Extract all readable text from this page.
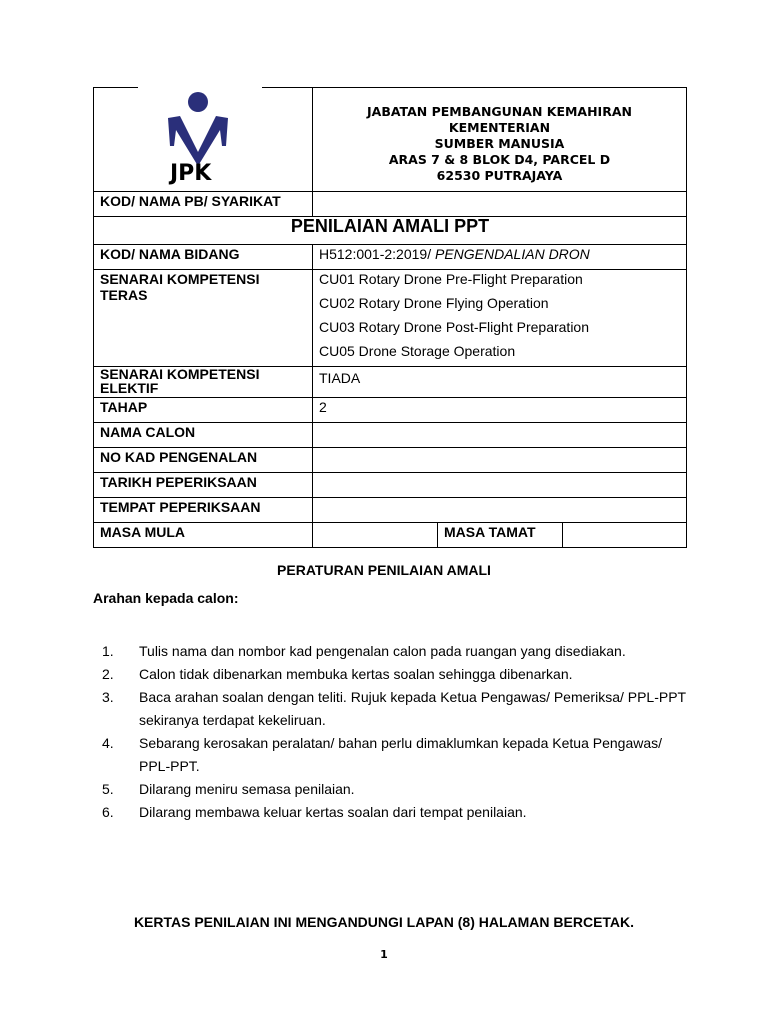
JPK	JABATAN PEMBANGUNAN KEMAHIRAN KEMENTERIAN
SUMBER MANUSIA
ARAS 7 & 8 BLOK D4, PARCEL D
62530 PUTRAJAYA		

KOD/ NAMA PB/ SYARIKAT			
PENILAIAN AMALI PPT			
KOD/ NAMA BIDANG	H512:001-2:2019/ PENGENDALIAN DRON		
SENARAI KOMPETENSI TERAS	CU01 Rotary Drone Pre-Flight Preparation
CU02 Rotary Drone Flying Operation
CU03 Rotary Drone Post-Flight Preparation
CU05 Drone Storage Operation		

SENARAI KOMPETENSI ELEKTIF	TIADA		
TAHAP	2		
NAMA CALON			
NO KAD PENGENALAN			
TARIKH PEPERIKSAAN			
TEMPAT PEPERIKSAAN			
MASA MULA		MASA TAMAT	
PERATURAN PENILAIAN AMALI
Arahan kepada calon:
1. Tulis nama dan nombor kad pengenalan calon pada ruangan yang disediakan.
2. Calon tidak dibenarkan membuka kertas soalan sehingga dibenarkan.
3. Baca arahan soalan dengan teliti. Rujuk kepada Ketua Pengawas/ Pemeriksa/ PPL-PPT sekiranya terdapat kekeliruan.
4. Sebarang kerosakan peralatan/ bahan perlu dimaklumkan kepada Ketua Pengawas/ PPL-PPT.
5. Dilarang meniru semasa penilaian.
6. Dilarang membawa keluar kertas soalan dari tempat penilaian.
KERTAS PENILAIAN INI MENGANDUNGI LAPAN (8) HALAMAN BERCETAK.
1
